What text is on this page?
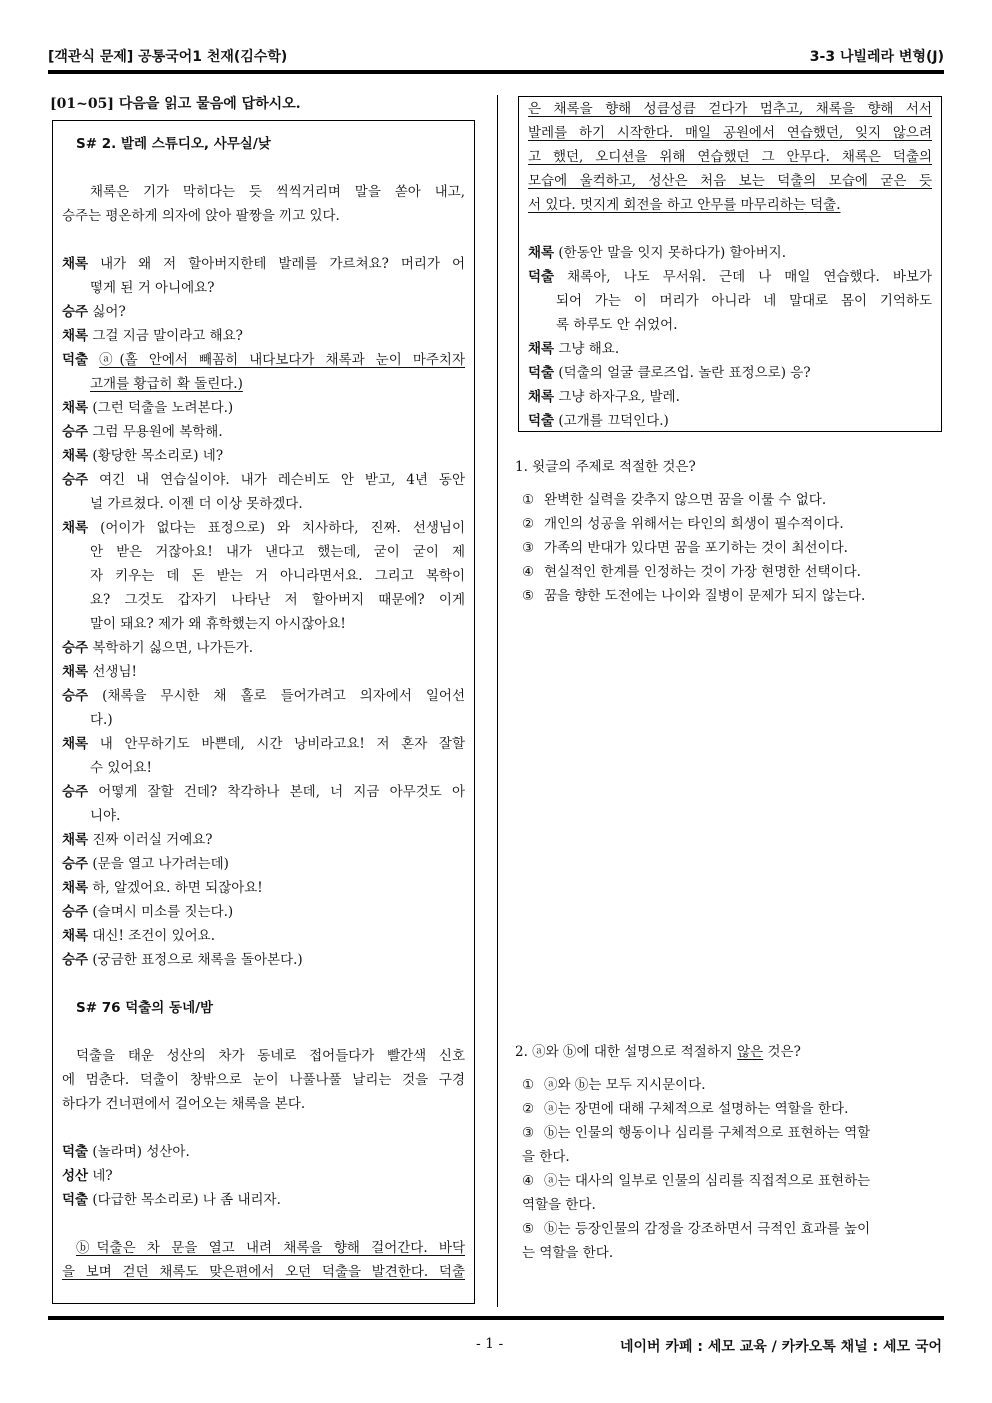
[객관식 문제] 공통국어1 천재(김수학)	3-3 나빌레라 변형(J)
[01~05] 다음을 읽고 물음에 답하시오.
S# 2. 발레 스튜디오, 사무실/낮
채록은 기가 막히다는 듯 씩씩거리며 말을 쏟아 내고,
승주는 평온하게 의자에 앉아 팔짱을 끼고 있다.
채록 내가 왜 저 할아버지한테 발레를 가르쳐요? 머리가 어
떻게 된 거 아니에요?
승주 싫어?
채록 그걸 지금 말이라고 해요?
덕출 ⓐ(홀 안에서 빼꼼히 내다보다가 채록과 눈이 마주치자
고개를 황급히 확 돌린다.)
채록 (그런 덕출을 노려본다.)
승주 그럼 무용원에 복학해.
채록 (황당한 목소리로) 네?
승주 여긴 내 연습실이야. 내가 레슨비도 안 받고, 4년 동안
널 가르쳤다. 이젠 더 이상 못하겠다.
채록 (어이가 없다는 표정으로) 와 치사하다, 진짜. 선생님이
안 받은 거잖아요! 내가 낸다고 했는데, 굳이 굳이 제
자 키우는 데 돈 받는 거 아니라면서요. 그리고 복학이
요? 그것도 갑자기 나타난 저 할아버지 때문에? 이게
말이 돼요? 제가 왜 휴학했는지 아시잖아요!
승주 복학하기 싫으면, 나가든가.
채록 선생님!
승주 (채록을 무시한 채 홀로 들어가려고 의자에서 일어선
다.)
채록 내 안무하기도 바쁜데, 시간 낭비라고요! 저 혼자 잘할
수 있어요!
승주 어떻게 잘할 건데? 착각하나 본데, 너 지금 아무것도 아
니야.
채록 진짜 이러실 거예요?
승주 (문을 열고 나가려는데)
채록 하, 알겠어요. 하면 되잖아요!
승주 (슬며시 미소를 짓는다.)
채록 대신! 조건이 있어요.
승주 (궁금한 표정으로 채록을 돌아본다.)
S# 76 덕출의 동네/밤
덕출을 태운 성산의 차가 동네로 접어들다가 빨간색 신호
에 멈춘다. 덕출이 창밖으로 눈이 나풀나풀 날리는 것을 구경
하다가 건너편에서 걸어오는 채록을 본다.
덕출 (놀라며) 성산아.
성산 네?
덕출 (다급한 목소리로) 나 좀 내리자.
ⓑ덕출은 차 문을 열고 내려 채록을 향해 걸어간다. 바닥
을 보며 걷던 채록도 맞은편에서 오던 덕출을 발견한다. 덕출
은 채록을 향해 성큼성큼 걷다가 멈추고, 채록을 향해 서서
발레를 하기 시작한다. 매일 공원에서 연습했던, 잊지 않으려
고 했던, 오디션을 위해 연습했던 그 안무다. 채록은 덕출의
모습에 울컥하고, 성산은 처음 보는 덕출의 모습에 굳은 듯
서 있다. 멋지게 회전을 하고 안무를 마무리하는 덕출.
채록 (한동안 말을 잇지 못하다가) 할아버지.
덕출 채록아, 나도 무서워. 근데 나 매일 연습했다. 바보가
되어 가는 이 머리가 아니라 네 말대로 몸이 기억하도
록 하루도 안 쉬었어.
채록 그냥 해요.
덕출 (덕출의 얼굴 클로즈업. 놀란 표정으로) 응?
채록 그냥 하자구요, 발레.
덕출 (고개를 끄덕인다.)
1. 윗글의 주제로 적절한 것은?
① 완벽한 실력을 갖추지 않으면 꿈을 이룰 수 없다.
② 개인의 성공을 위해서는 타인의 희생이 필수적이다.
③ 가족의 반대가 있다면 꿈을 포기하는 것이 최선이다.
④ 현실적인 한계를 인정하는 것이 가장 현명한 선택이다.
⑤ 꿈을 향한 도전에는 나이와 질병이 문제가 되지 않는다.
2. ⓐ와 ⓑ에 대한 설명으로 적절하지 않은 것은?
① ⓐ와 ⓑ는 모두 지시문이다.
② ⓐ는 장면에 대해 구체적으로 설명하는 역할을 한다.
③ ⓑ는 인물의 행동이나 심리를 구체적으로 표현하는 역할
을 한다.
④ ⓐ는 대사의 일부로 인물의 심리를 직접적으로 표현하는
역할을 한다.
⑤ ⓑ는 등장인물의 감정을 강조하면서 극적인 효과를 높이
는 역할을 한다.
- 1 -	네이버 카페 : 세모 교육 / 카카오톡 채널 : 세모 국어
